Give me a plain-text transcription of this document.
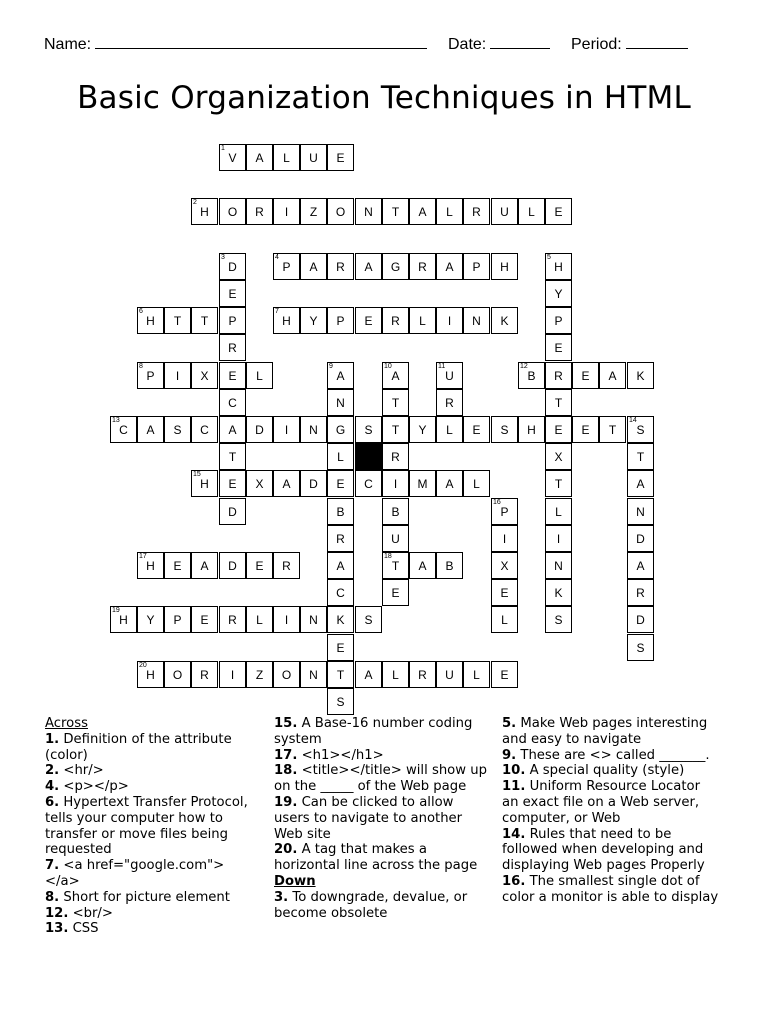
Name:	Date:	Period:
Basic Organization Techniques in HTML
1
V A L U E
2
H O R I Z O N T A L R U L E
4
P A R A G R A P H
6
H T T P
7
H Y P E R L I N K
8
P I X E L
12
B R E A K
13
C A S C A D I N G S T Y L E S H E E T
14
S
15
H E X A D E C I M A L
17
H E A D E R
18
T A B
19
H Y P E R L I N K S
20
H O R I Z O N T A L R U L E
3
D
E
R
C
T
D
5
H
Y
P
E
T
X
T
L
I
N
K
S
9
A
N
L
B
R
A
C
E
S
10
A
T
R
B
U
E
11
U
R
T
A
N
D
A
R
D
S
16
P
I
X
E
L
Across
1. Definition of the attribute (color)
2. <hr/>
4. <p></p>
6. Hypertext Transfer Protocol, tells your computer how to transfer or move files being requested
7. <a href="google.com"></a>
8. Short for picture element
12. <br/>
13. CSS
15. A Base-16 number coding system
17. <h1></h1>
18. <title></title> will show up on the _____ of the Web page
19. Can be clicked to allow users to navigate to another Web site
20. A tag that makes a horizontal line across the page
Down
3. To downgrade, devalue, or become obsolete
5. Make Web pages interesting and easy to navigate
9. These are <> called _______.
10. A special quality (style)
11. Uniform Resource Locator an exact file on a Web server, computer, or Web
14. Rules that need to be followed when developing and displaying Web pages Properly
16. The smallest single dot of color a monitor is able to display
